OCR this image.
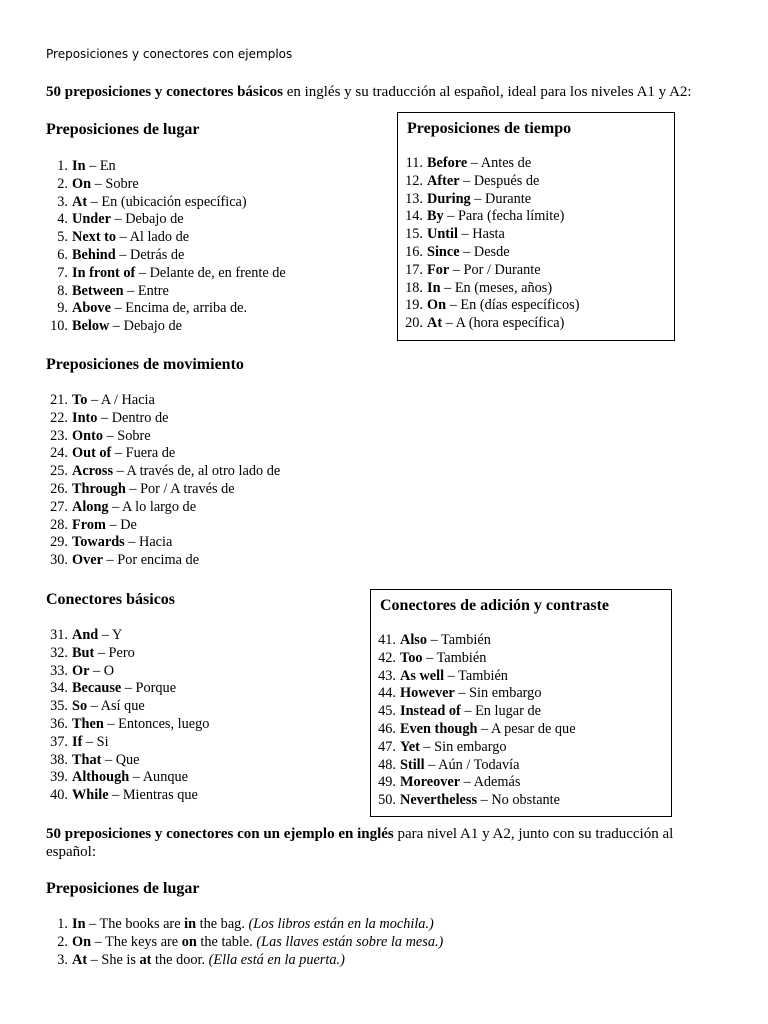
Preposiciones y conectores con ejemplos
50 preposiciones y conectores básicos en inglés y su traducción al español, ideal para los niveles A1 y A2:
Preposiciones de lugar
1. In – En
2. On – Sobre
3. At – En (ubicación específica)
4. Under – Debajo de
5. Next to – Al lado de
6. Behind – Detrás de
7. In front of – Delante de, en frente de
8. Between – Entre
9. Above – Encima de, arriba de.
10. Below – Debajo de
Preposiciones de tiempo
11. Before – Antes de
12. After – Después de
13. During – Durante
14. By – Para (fecha límite)
15. Until – Hasta
16. Since – Desde
17. For – Por / Durante
18. In – En (meses, años)
19. On – En (días específicos)
20. At – A (hora específica)
Preposiciones de movimiento
21. To – A / Hacia
22. Into – Dentro de
23. Onto – Sobre
24. Out of – Fuera de
25. Across – A través de, al otro lado de
26. Through – Por / A través de
27. Along – A lo largo de
28. From – De
29. Towards – Hacia
30. Over – Por encima de
Conectores básicos
31. And – Y
32. But – Pero
33. Or – O
34. Because – Porque
35. So – Así que
36. Then – Entonces, luego
37. If – Si
38. That – Que
39. Although – Aunque
40. While – Mientras que
Conectores de adición y contraste
41. Also – También
42. Too – También
43. As well – También
44. However – Sin embargo
45. Instead of – En lugar de
46. Even though – A pesar de que
47. Yet – Sin embargo
48. Still – Aún / Todavía
49. Moreover – Además
50. Nevertheless – No obstante
50 preposiciones y conectores con un ejemplo en inglés para nivel A1 y A2, junto con su traducción al español:
Preposiciones de lugar
1. In – The books are in the bag. (Los libros están en la mochila.)
2. On – The keys are on the table. (Las llaves están sobre la mesa.)
3. At – She is at the door. (Ella está en la puerta.)
